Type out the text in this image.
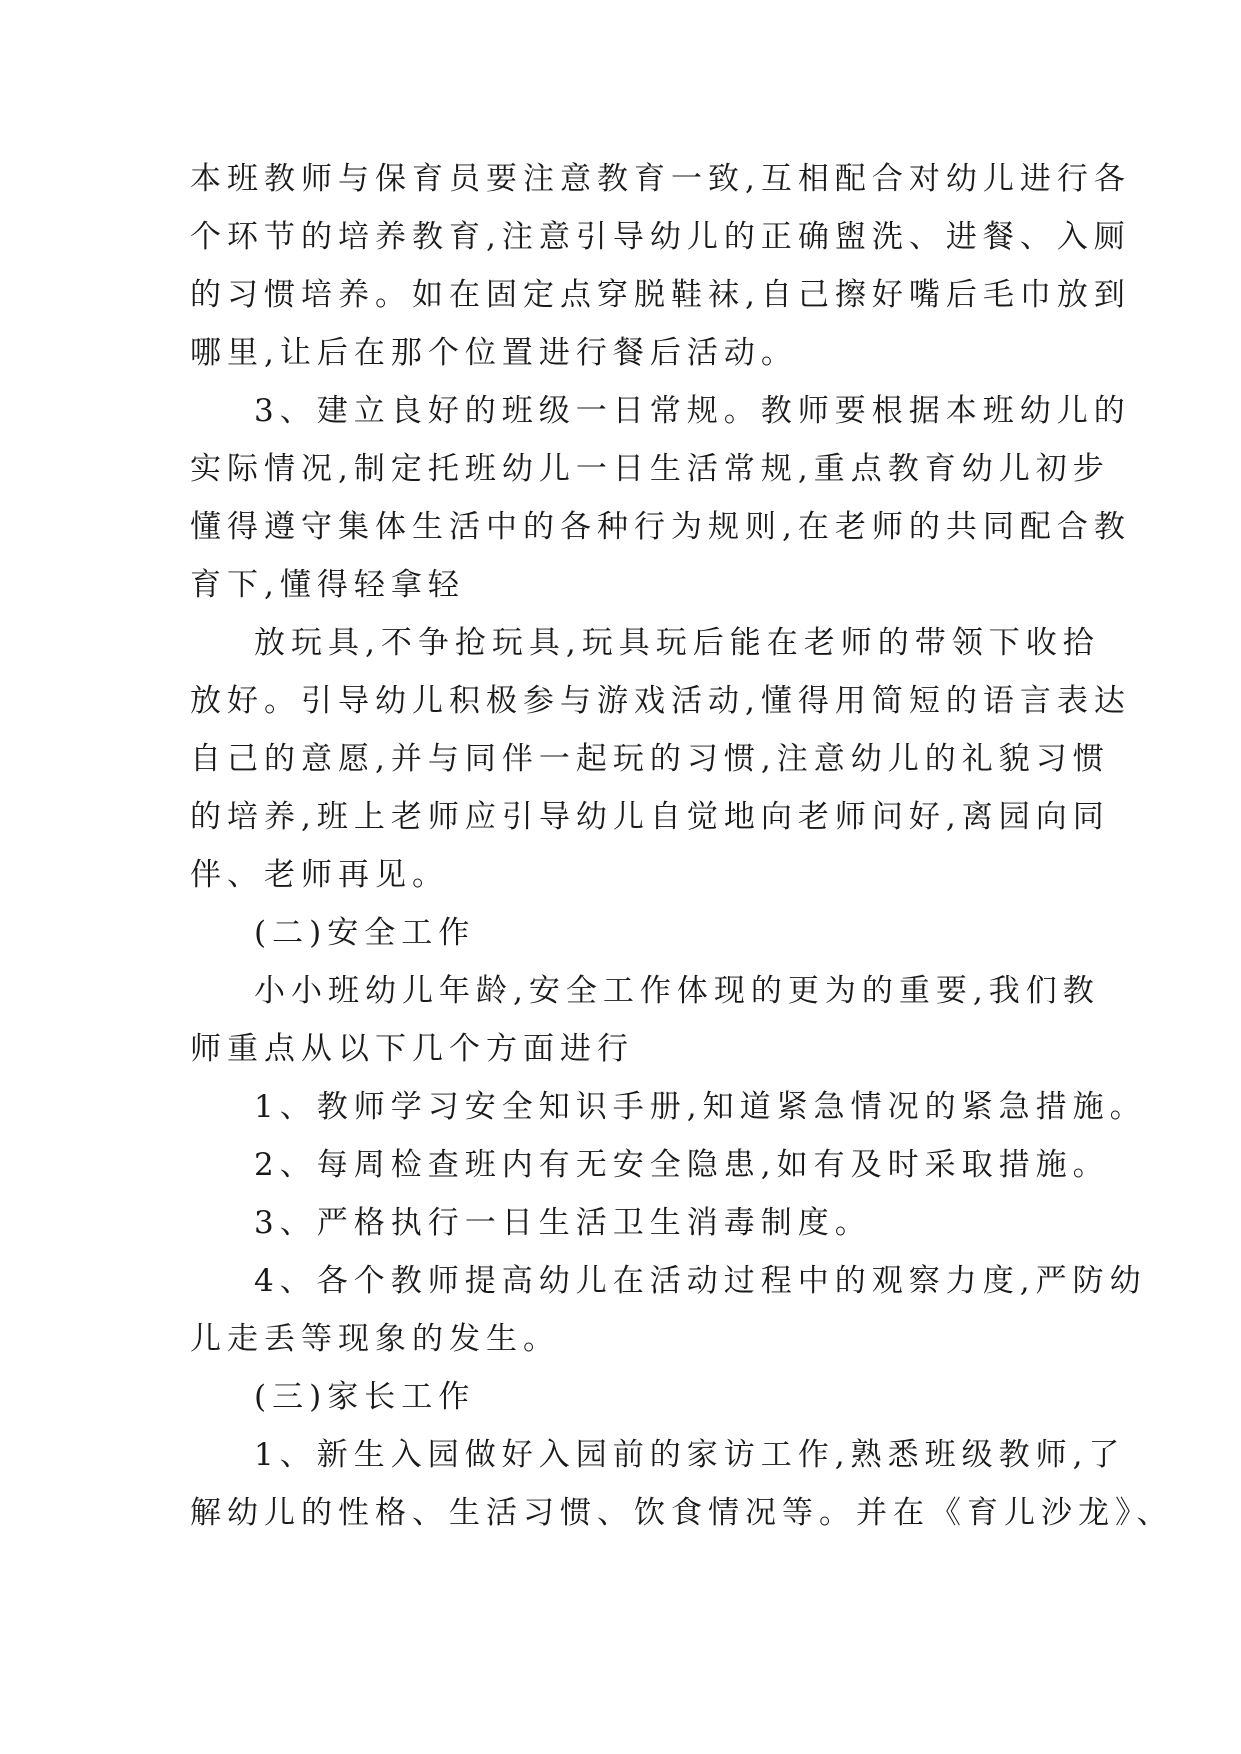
本班教师与保育员要注意教育一致,互相配合对幼儿进行各
个环节的培养教育,注意引导幼儿的正确盥洗、进餐、入厕
的习惯培养。如在固定点穿脱鞋袜,自己擦好嘴后毛巾放到
哪里,让后在那个位置进行餐后活动。
3、建立良好的班级一日常规。教师要根据本班幼儿的
实际情况,制定托班幼儿一日生活常规,重点教育幼儿初步
懂得遵守集体生活中的各种行为规则,在老师的共同配合教
育下,懂得轻拿轻
放玩具,不争抢玩具,玩具玩后能在老师的带领下收拾
放好。引导幼儿积极参与游戏活动,懂得用简短的语言表达
自己的意愿,并与同伴一起玩的习惯,注意幼儿的礼貌习惯
的培养,班上老师应引导幼儿自觉地向老师问好,离园向同
伴、老师再见。
(二)安全工作
小小班幼儿年龄,安全工作体现的更为的重要,我们教
师重点从以下几个方面进行
1、教师学习安全知识手册,知道紧急情况的紧急措施。
2、每周检查班内有无安全隐患,如有及时采取措施。
3、严格执行一日生活卫生消毒制度。
4、各个教师提高幼儿在活动过程中的观察力度,严防幼
儿走丢等现象的发生。
(三)家长工作
1、新生入园做好入园前的家访工作,熟悉班级教师,了
解幼儿的性格、生活习惯、饮食情况等。并在《育儿沙龙》、
